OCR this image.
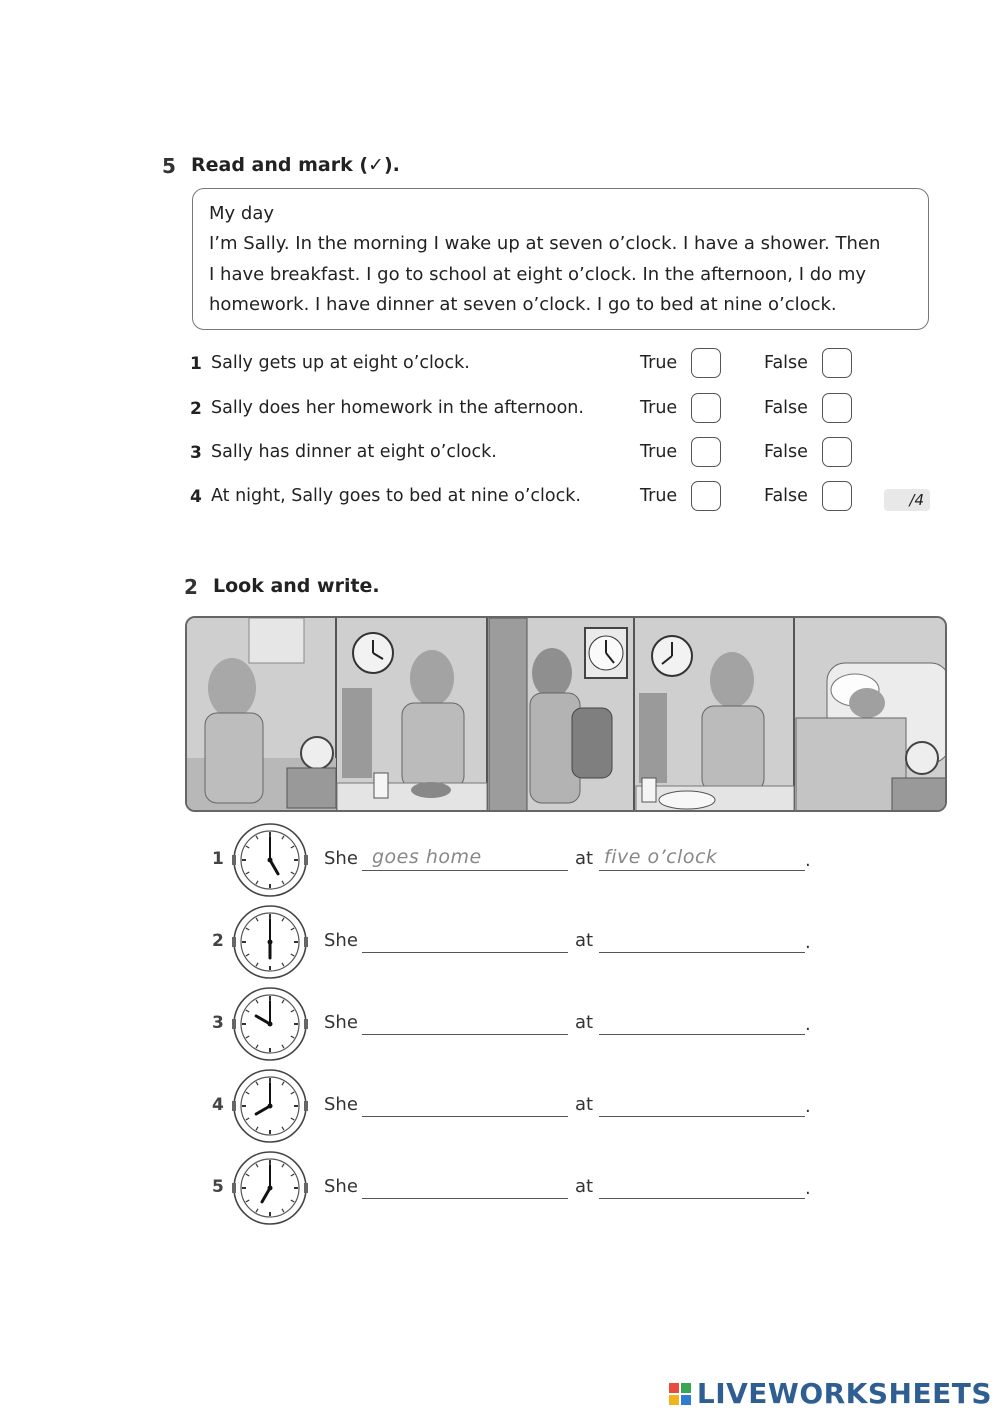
5 Read and mark (✓).
My day
I’m Sally. In the morning I wake up at seven o’clock. I have a shower. Then
I have breakfast. I go to school at eight o’clock. In the afternoon, I do my
homework. I have dinner at seven o’clock. I go to bed at nine o’clock.
1 Sally gets up at eight o’clock.	True	False
2 Sally does her homework in the afternoon.	True	False
3 Sally has dinner at eight o’clock.	True	False
4 At night, Sally goes to bed at nine o’clock.	True	False	/4
2 Look and write.
1	She goes home	at five o’clock	.
2	She	at	.
3	She	at	.
4	She	at	.
5	She	at	.
LIVEWORKSHEETS
